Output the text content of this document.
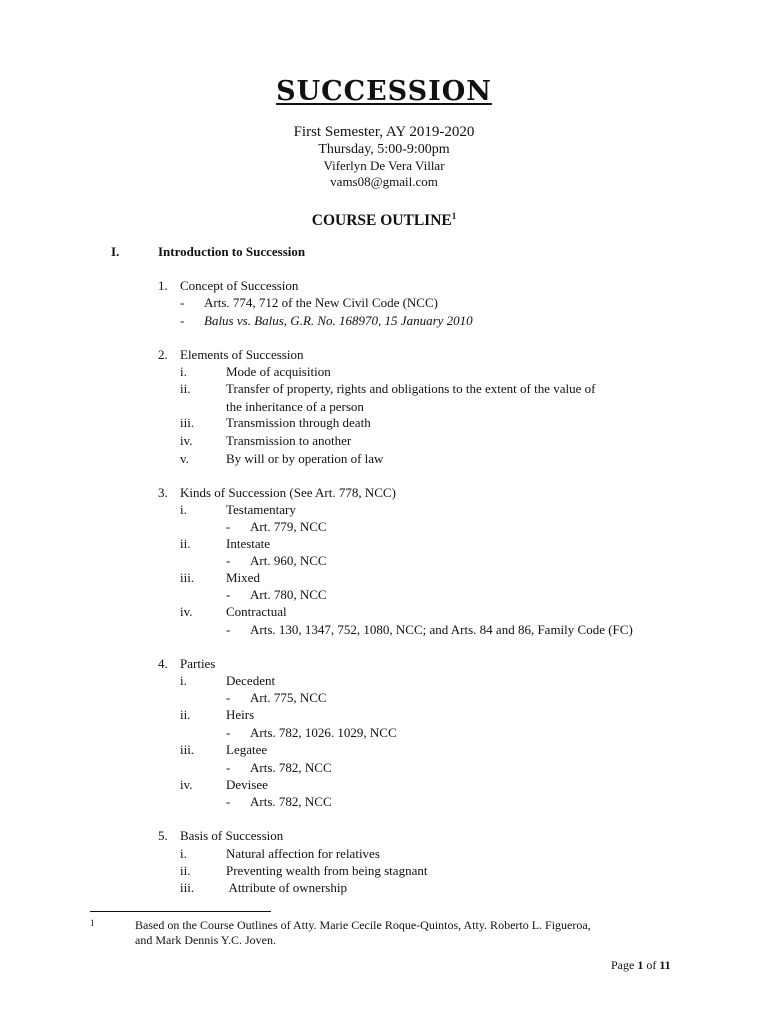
SUCCESSION
First Semester, AY 2019-2020
Thursday, 5:00-9:00pm
Viferlyn De Vera Villar
vams08@gmail.com
COURSE OUTLINE$^1$
I.	Introduction to Succession
1. Concept of Succession
- Arts. 774, 712 of the New Civil Code (NCC)
- Balus vs. Balus, G.R. No. 168970, 15 January 2010
2. Elements of Succession
i.	Mode of acquisition
ii.	Transfer of property, rights and obligations to the extent of the value of
the inheritance of a person
iii. Transmission through death
iv.	Transmission to another
v.	By will or by operation of law
3. Kinds of Succession (See Art. 778, NCC)
i.	Testamentary
- Art. 779, NCC
ii.	Intestate
- Art. 960, NCC
iii. Mixed
- Art. 780, NCC
iv.	Contractual
- Arts. 130, 1347, 752, 1080, NCC; and Arts. 84 and 86, Family Code (FC)
4. Parties
i.	Decedent
- Art. 775, NCC
ii.	Heirs
- Arts. 782, 1026. 1029, NCC
iii. Legatee
- Arts. 782, NCC
iv.	Devisee
- Arts. 782, NCC
5. Basis of Succession
i.	Natural affection for relatives
ii.	Preventing wealth from being stagnant
iii. Attribute of ownership
1	Based on the Course Outlines of Atty. Marie Cecile Roque-Quintos, Atty. Roberto L. Figueroa,
and Mark Dennis Y.C. Joven.
Page 1 of 11
